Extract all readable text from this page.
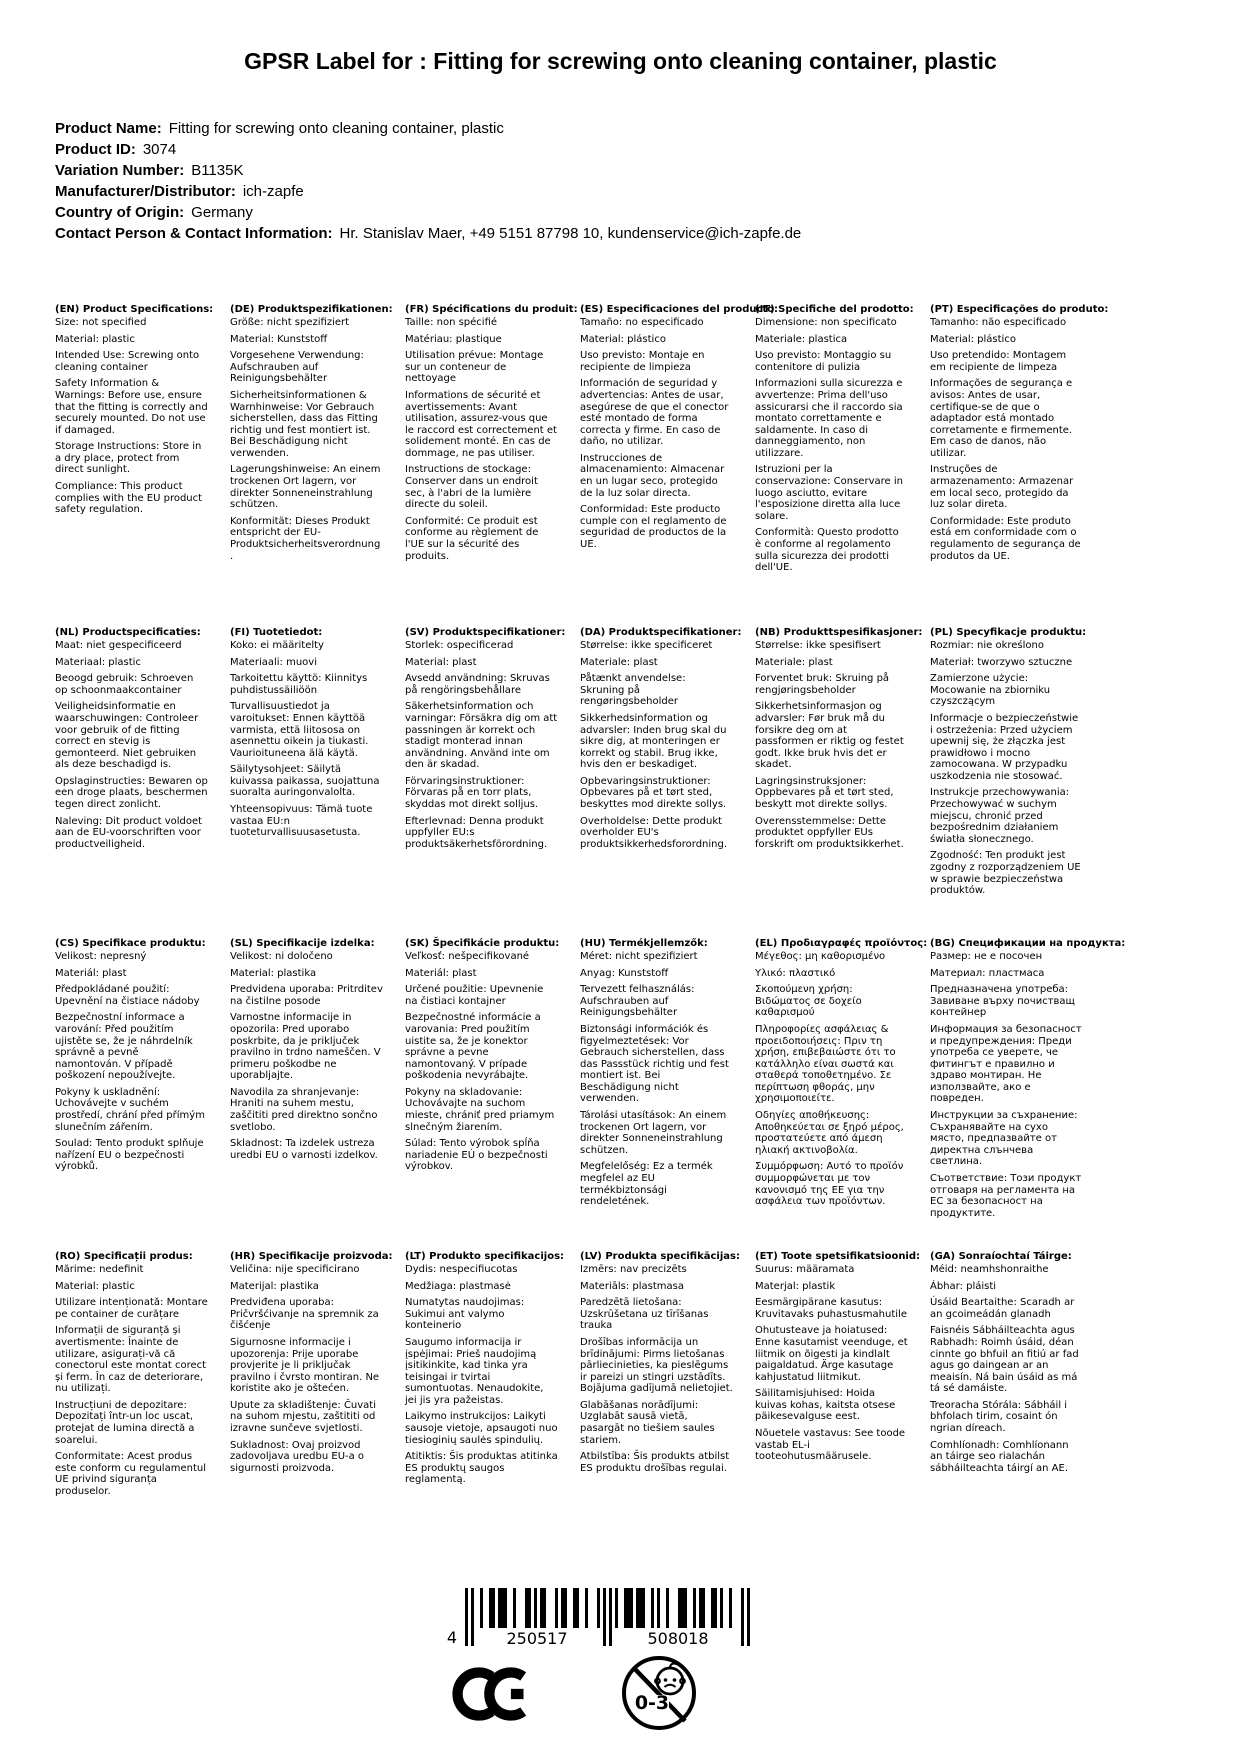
GPSR Label for : Fitting for screwing onto cleaning container, plastic
Product Name: Fitting for screwing onto cleaning container, plastic
Product ID: 3074
Variation Number: B1135K
Manufacturer/Distributor: ich-zapfe
Country of Origin: Germany
Contact Person & Contact Information: Hr. Stanislav Maer, +49 5151 87798 10, kundenservice@ich-zapfe.de
(EN) Product Specifications:

Size: not specified

Material: plastic

Intended Use: Screwing onto cleaning container

Safety Information & Warnings: Before use, ensure that the fitting is correctly and securely mounted. Do not use if damaged.

Storage Instructions: Store in a dry place, protect from direct sunlight.

Compliance: This product complies with the EU product safety regulation.

(DE) Produktspezifikationen:

Größe: nicht spezifiziert

Material: Kunststoff

Vorgesehene Verwendung: Aufschrauben auf Reinigungsbehälter

Sicherheitsinformationen & Warnhinweise: Vor Gebrauch sicherstellen, dass das Fitting richtig und fest montiert ist. Bei Beschädigung nicht verwenden.

Lagerungshinweise: An einem trockenen Ort lagern, vor direkter Sonneneinstrahlung schützen.

Konformität: Dieses Produkt entspricht der EU-Produktsicherheitsverordnung.

(FR) Spécifications du produit:

Taille: non spécifié

Matériau: plastique

Utilisation prévue: Montage sur un conteneur de nettoyage

Informations de sécurité et avertissements: Avant utilisation, assurez-vous que le raccord est correctement et solidement monté. En cas de dommage, ne pas utiliser.

Instructions de stockage: Conserver dans un endroit sec, à l'abri de la lumière directe du soleil.

Conformité: Ce produit est conforme au règlement de l'UE sur la sécurité des produits.

(ES) Especificaciones del producto:

Tamaño: no especificado

Material: plástico

Uso previsto: Montaje en recipiente de limpieza

Información de seguridad y advertencias: Antes de usar, asegúrese de que el conector esté montado de forma correcta y firme. En caso de daño, no utilizar.

Instrucciones de almacenamiento: Almacenar en un lugar seco, protegido de la luz solar directa.

Conformidad: Este producto cumple con el reglamento de seguridad de productos de la UE.

(IT) Specifiche del prodotto:

Dimensione: non specificato

Materiale: plastica

Uso previsto: Montaggio su contenitore di pulizia

Informazioni sulla sicurezza e avvertenze: Prima dell'uso assicurarsi che il raccordo sia montato correttamente e saldamente. In caso di danneggiamento, non utilizzare.

Istruzioni per la conservazione: Conservare in luogo asciutto, evitare l'esposizione diretta alla luce solare.

Conformità: Questo prodotto è conforme al regolamento sulla sicurezza dei prodotti dell'UE.

(PT) Especificações do produto:

Tamanho: não especificado

Material: plástico

Uso pretendido: Montagem em recipiente de limpeza

Informações de segurança e avisos: Antes de usar, certifique-se de que o adaptador está montado corretamente e firmemente. Em caso de danos, não utilizar.

Instruções de armazenamento: Armazenar em local seco, protegido da luz solar direta.

Conformidade: Este produto está em conformidade com o regulamento de segurança de produtos da UE.

(NL) Productspecificaties:

Maat: niet gespecificeerd

Materiaal: plastic

Beoogd gebruik: Schroeven op schoonmaakcontainer

Veiligheidsinformatie en waarschuwingen: Controleer voor gebruik of de fitting correct en stevig is gemonteerd. Niet gebruiken als deze beschadigd is.

Opslaginstructies: Bewaren op een droge plaats, beschermen tegen direct zonlicht.

Naleving: Dit product voldoet aan de EU-voorschriften voor productveiligheid.

(FI) Tuotetiedot:

Koko: ei määritelty

Materiaali: muovi

Tarkoitettu käyttö: Kiinnitys puhdistussäiliöön

Turvallisuustiedot ja varoitukset: Ennen käyttöä varmista, että liitososa on asennettu oikein ja tiukasti. Vaurioituneena älä käytä.

Säilytysohjeet: Säilytä kuivassa paikassa, suojattuna suoralta auringonvalolta.

Yhteensopivuus: Tämä tuote vastaa EU:n tuoteturvallisuusasetusta.

(SV) Produktspecifikationer:

Storlek: ospecificerad

Material: plast

Avsedd användning: Skruvas på rengöringsbehållare

Säkerhetsinformation och varningar: Försäkra dig om att passningen är korrekt och stadigt monterad innan användning. Använd inte om den är skadad.

Förvaringsinstruktioner: Förvaras på en torr plats, skyddas mot direkt solljus.

Efterlevnad: Denna produkt uppfyller EU:s produktsäkerhetsförordning.

(DA) Produktspecifikationer:

Størrelse: ikke specificeret

Materiale: plast

Påtænkt anvendelse: Skruning på rengøringsbeholder

Sikkerhedsinformation og advarsler: Inden brug skal du sikre dig, at monteringen er korrekt og stabil. Brug ikke, hvis den er beskadiget.

Opbevaringsinstruktioner: Opbevares på et tørt sted, beskyttes mod direkte sollys.

Overholdelse: Dette produkt overholder EU's produktsikkerhedsforordning.

(NB) Produkttspesifikasjoner:

Størrelse: ikke spesifisert

Materiale: plast

Forventet bruk: Skruing på rengjøringsbeholder

Sikkerhetsinformasjon og advarsler: Før bruk må du forsikre deg om at passformen er riktig og festet godt. Ikke bruk hvis det er skadet.

Lagringsinstruksjoner: Oppbevares på et tørt sted, beskytt mot direkte sollys.

Overensstemmelse: Dette produktet oppfyller EUs forskrift om produktsikkerhet.

(PL) Specyfikacje produktu:

Rozmiar: nie określono

Materiał: tworzywo sztuczne

Zamierzone użycie: Mocowanie na zbiorniku czyszczącym

Informacje o bezpieczeństwie i ostrzeżenia: Przed użyciem upewnij się, że złączka jest prawidłowo i mocno zamocowana. W przypadku uszkodzenia nie stosować.

Instrukcje przechowywania: Przechowywać w suchym miejscu, chronić przed bezpośrednim działaniem światła słonecznego.

Zgodność: Ten produkt jest zgodny z rozporządzeniem UE w sprawie bezpieczeństwa produktów.

(CS) Specifikace produktu:

Velikost: nepresný

Materiál: plast

Předpokládané použití: Upevnění na čistiace nádoby

Bezpečnostní informace a varování: Před použitím ujistěte se, že je náhrdelník správně a pevně namontován. V případě poškození nepoužívejte.

Pokyny k uskladnění: Uchovávejte v suchém prostředí, chrání před přímým slunečním zářením.

Soulad: Tento produkt splňuje nařízení EU o bezpečnosti výrobků.

(SL) Specifikacije izdelka:

Velikost: ni določeno

Material: plastika

Predvidena uporaba: Pritrditev na čistilne posode

Varnostne informacije in opozorila: Pred uporabo poskrbite, da je priključek pravilno in trdno nameščen. V primeru poškodbe ne uporabljajte.

Navodila za shranjevanje: Hraniti na suhem mestu, zaščititi pred direktno sončno svetlobo.

Skladnost: Ta izdelek ustreza uredbi EU o varnosti izdelkov.

(SK) Špecifikácie produktu:

Veľkosť: nešpecifikované

Materiál: plast

Určené použitie: Upevnenie na čistiaci kontajner

Bezpečnostné informácie a varovania: Pred použitím uistite sa, že je konektor správne a pevne namontovaný. V prípade poškodenia nevyrábajte.

Pokyny na skladovanie: Uchovávajte na suchom mieste, chrániť pred priamym slnečným žiarením.

Súlad: Tento výrobok spĺňa nariadenie EÚ o bezpečnosti výrobkov.

(HU) Termékjellemzők:

Méret: nicht spezifiziert

Anyag: Kunststoff

Tervezett felhasználás: Aufschrauben auf Reinigungsbehälter

Biztonsági információk és figyelmeztetések: Vor Gebrauch sicherstellen, dass das Passstück richtig und fest montiert ist. Bei Beschädigung nicht verwenden.

Tárolási utasítások: An einem trockenen Ort lagern, vor direkter Sonneneinstrahlung schützen.

Megfelelőség: Ez a termék megfelel az EU termékbiztonsági rendeletének.

(EL) Προδιαγραφές προϊόντος:

Μέγεθος: μη καθορισμένο

Υλικό: πλαστικό

Σκοπούμενη χρήση: Βιδώματος σε δοχείο καθαρισμού

Πληροφορίες ασφάλειας & προειδοποιήσεις: Πριν τη χρήση, επιβεβαιώστε ότι το κατάλληλο είναι σωστά και σταθερά τοποθετημένο. Σε περίπτωση φθοράς, μην χρησιμοποιείτε.

Οδηγίες αποθήκευσης: Αποθηκεύεται σε ξηρό μέρος, προστατεύετε από άμεση ηλιακή ακτινοβολία.

Συμμόρφωση: Αυτό το προϊόν συμμορφώνεται με τον κανονισμό της ΕΕ για την ασφάλεια των προϊόντων.

(BG) Спецификации на продукта:

Размер: не е посочен

Материал: пластмаса

Предназначена употреба: Завиване върху почистващ контейнер

Информация за безопасност и предупреждения: Преди употреба се уверете, че фитингът е правилно и здраво монтиран. Не използвайте, ако е повреден.

Инструкции за съхранение: Съхранявайте на сухо място, предпазвайте от директна слънчева светлина.

Съответствие: Този продукт отговаря на регламента на ЕС за безопасност на продуктите.

(RO) Specificații produs:

Mărime: nedefinit

Material: plastic

Utilizare intenționată: Montare pe container de curățare

Informații de siguranță și avertismente: Înainte de utilizare, asigurați-vă că conectorul este montat corect și ferm. În caz de deteriorare, nu utilizați.

Instrucțiuni de depozitare: Depozitați într-un loc uscat, protejat de lumina directă a soarelui.

Conformitate: Acest produs este conform cu regulamentul UE privind siguranța produselor.

(HR) Specifikacije proizvoda:

Veličina: nije specificirano

Materijal: plastika

Predviđena uporaba: Pričvršćivanje na spremnik za čišćenje

Sigurnosne informacije i upozorenja: Prije uporabe provjerite je li priključak pravilno i čvrsto montiran. Ne koristite ako je oštećen.

Upute za skladištenje: Čuvati na suhom mjestu, zaštititi od izravne sunčeve svjetlosti.

Sukladnost: Ovaj proizvod zadovoljava uredbu EU-a o sigurnosti proizvoda.

(LT) Produkto specifikacijos:

Dydis: nespecifiucotas

Medžiaga: plastmasė

Numatytas naudojimas: Sukimui ant valymo konteinerio

Saugumo informacija ir įspėjimai: Prieš naudojimą įsitikinkite, kad tinka yra teisingai ir tvirtai sumontuotas. Nenaudokite, jei jis yra pažeistas.

Laikymo instrukcijos: Laikyti sausoje vietoje, apsaugoti nuo tiesioginių saulės spindulių.

Atitiktis: Šis produktas atitinka ES produktų saugos reglamentą.

(LV) Produkta specifikācijas:

Izmērs: nav precizēts

Materiāls: plastmasa

Paredzētā lietošana: Uzskrūšetana uz tīrīšanas trauka

Drošības informācija un brīdinājumi: Pirms lietošanas pārliecinieties, ka pieslēgums ir pareizi un stingri uzstādīts. Bojājuma gadījumā nelietojiet.

Glabāšanas norādījumi: Uzglabāt sausā vietā, pasargāt no tiešiem saules stariem.

Atbilstība: Šis produkts atbilst ES produktu drošības regulai.

(ET) Toote spetsifikatsioonid:

Suurus: määramata

Materjal: plastik

Eesmärgipärane kasutus: Kruvitavaks puhastusmahutile

Ohutusteave ja hoiatused: Enne kasutamist veenduge, et liitmik on õigesti ja kindlalt paigaldatud. Ärge kasutage kahjustatud liitmikut.

Säilitamisjuhised: Hoida kuivas kohas, kaitsta otsese päikesevalguse eest.

Nõuetele vastavus: See toode vastab EL-i tooteohutusmäärusele.

(GA) Sonraíochtaí Táirge:

Méid: neamhshonraithe

Ábhar: pláisti

Úsáid Beartaithe: Scaradh ar an gcoimeádán glanadh

Faisnéis Sábháilteachta agus Rabhadh: Roimh úsáid, déan cinnte go bhfuil an fitiú ar fad agus go daingean ar an meaisín. Ná bain úsáid as má tá sé damáiste.

Treoracha Stórála: Sábháil i bhfolach tirim, cosaint ón ngrian díreach.

Comhlíonadh: Comhlíonann an táirge seo rialachán sábháilteachta táirgí an AE.

4	250517	508018
0-3
